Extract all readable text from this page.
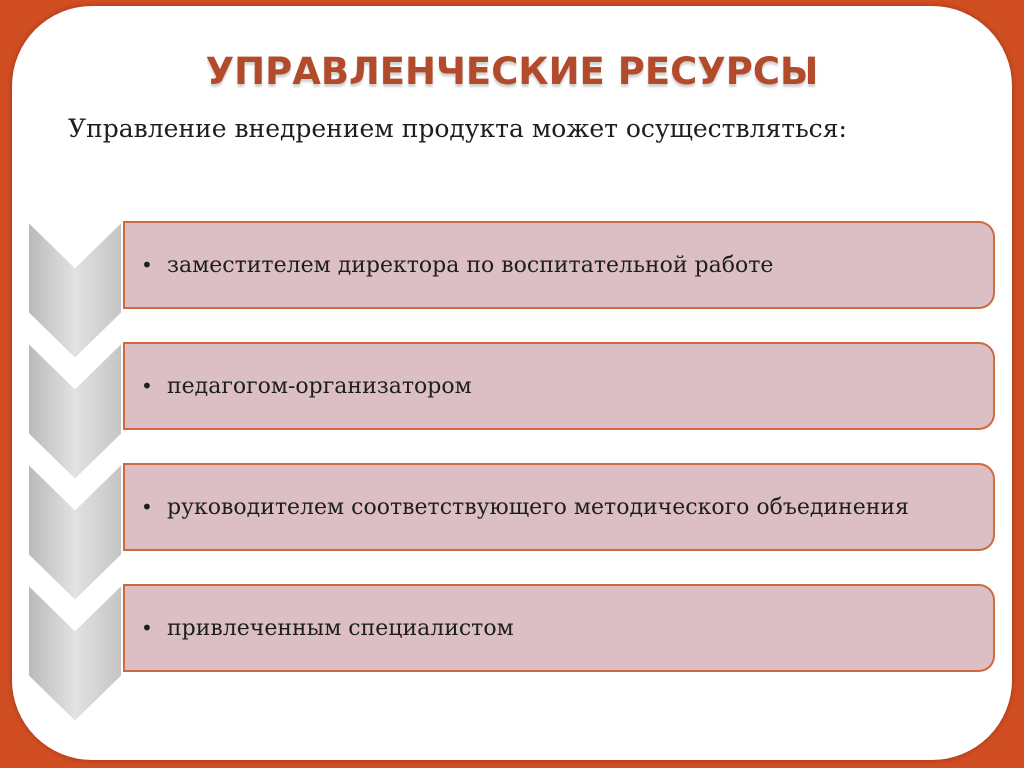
УПРАВЛЕНЧЕСКИЕ РЕСУРСЫ

Управление внедрением продукта может осуществляться:

• заместителем директора по воспитательной работе
• педагогом-организатором
• руководителем соответствующего методического объединения
• привлеченным специалистом
